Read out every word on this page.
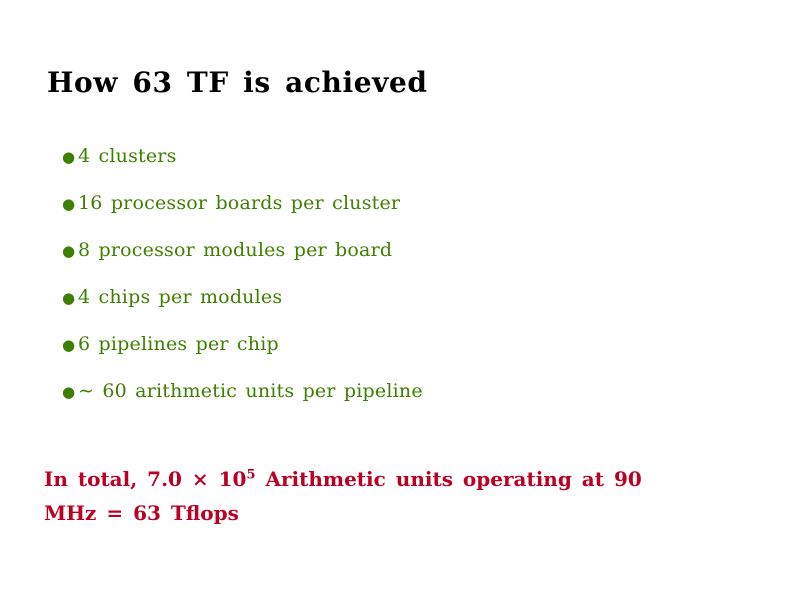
How 63 TF is achieved
● 4 clusters
● 16 processor boards per cluster
● 8 processor modules per board
● 4 chips per modules
● 6 pipelines per chip
● ∼ 60 arithmetic units per pipeline
In total, $7.0 \times 10^5$ Arithmetic units operating at 90
MHz = 63 Tflops
